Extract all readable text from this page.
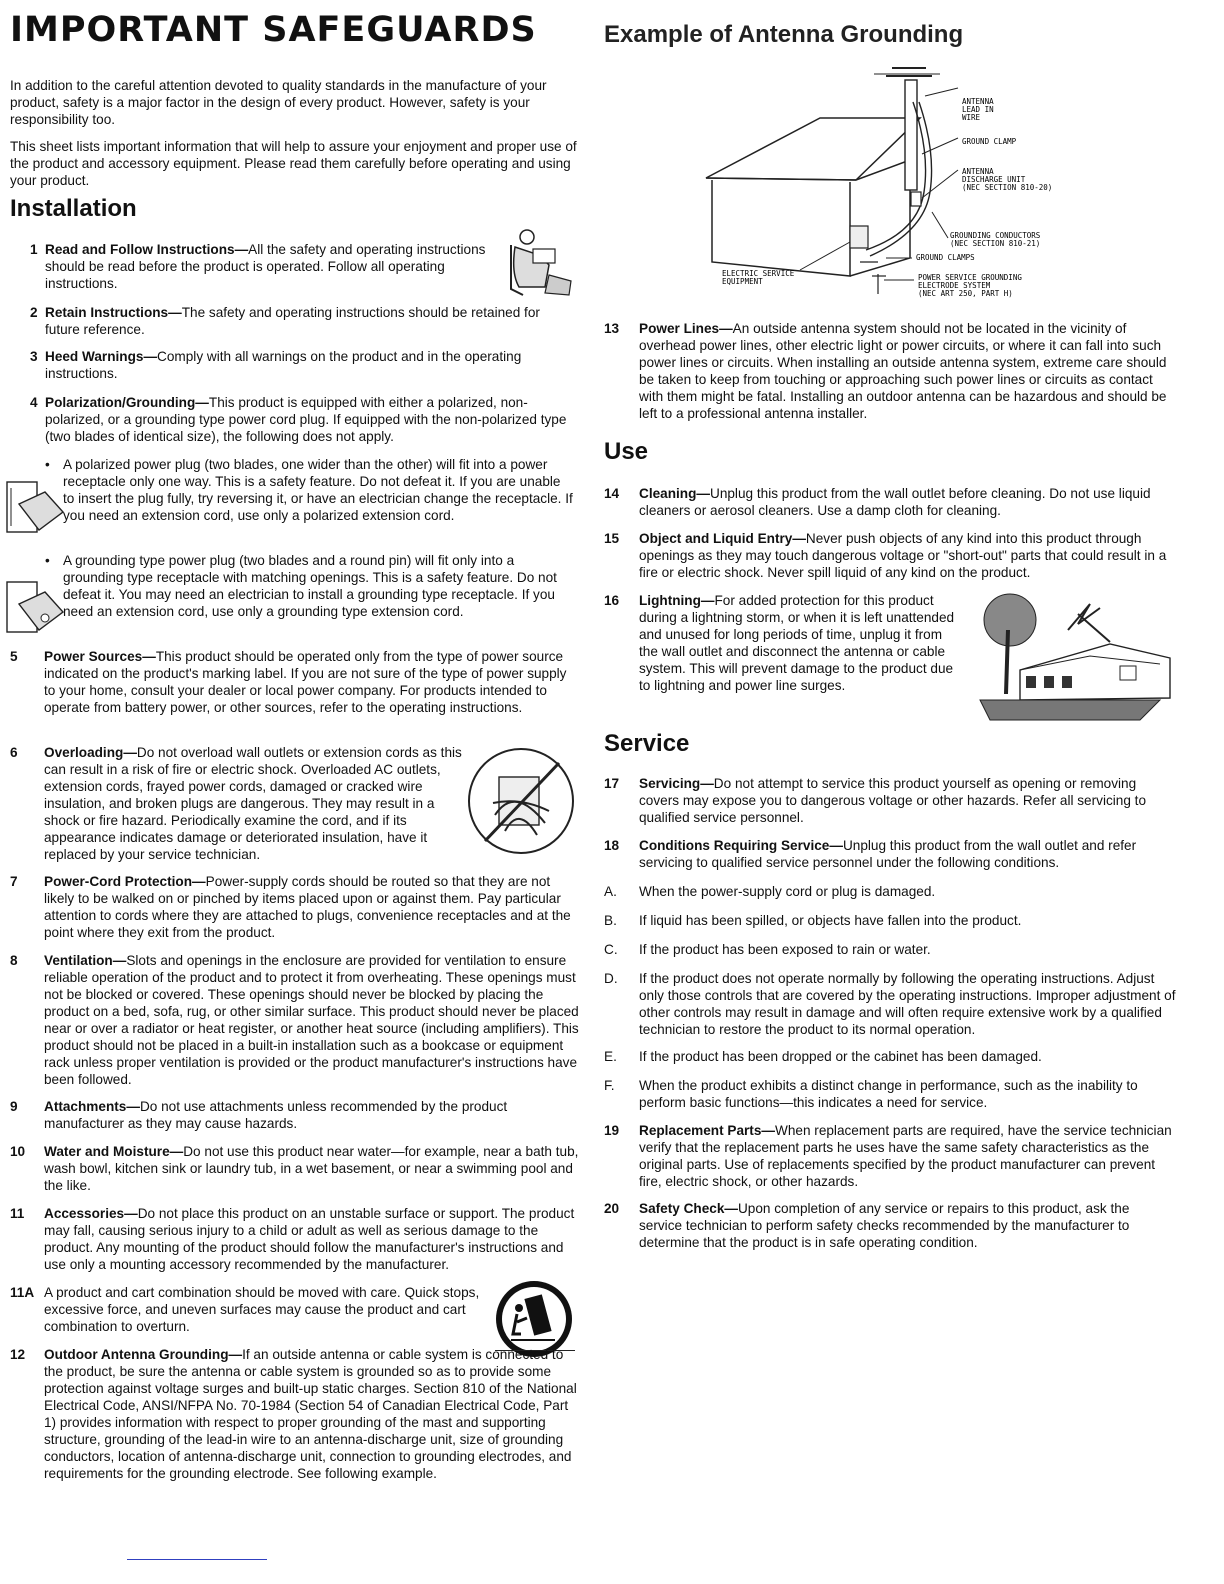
IMPORTANT SAFEGUARDS	Example of Antenna Grounding

In addition to the careful attention devoted to quality standards in the manufacture of your product, safety is a major factor in the design of every product. However, safety is your responsibility too.

This sheet lists important information that will help to assure your enjoyment and proper use of the product and accessory equipment. Please read them carefully before operating and using your product.

Installation
1 Read and Follow Instructions—All the safety and operating instructions should be read before the product is operated. Follow all operating instructions.
2 Retain Instructions—The safety and operating instructions should be retained for future reference.
3 Heed Warnings—Comply with all warnings on the product and in the operating instructions.
4 Polarization/Grounding—This product is equipped with either a polarized, non-polarized, or a grounding type power cord plug. If equipped with the non-polarized type (two blades of identical size), the following does not apply.
• A polarized power plug (two blades, one wider than the other) will fit into a power receptacle only one way. This is a safety feature. Do not defeat it. If you are unable to insert the plug fully, try reversing it, or have an electrician change the receptacle. If you need an extension cord, use only a polarized extension cord.
• A grounding type power plug (two blades and a round pin) will fit only into a grounding type receptacle with matching openings. This is a safety feature. Do not defeat it. You may need an electrician to install a grounding type receptacle. If you need an extension cord, use only a grounding type extension cord.
5 Power Sources—This product should be operated only from the type of power source indicated on the product's marking label. If you are not sure of the type of power supply to your home, consult your dealer or local power company. For products intended to operate from battery power, or other sources, refer to the operating instructions.
6 Overloading—Do not overload wall outlets or extension cords as this can result in a risk of fire or electric shock. Overloaded AC outlets, extension cords, frayed power cords, damaged or cracked wire insulation, and broken plugs are dangerous. They may result in a shock or fire hazard. Periodically examine the cord, and if its appearance indicates damage or deteriorated insulation, have it replaced by your service technician.
7 Power-Cord Protection—Power-supply cords should be routed so that they are not likely to be walked on or pinched by items placed upon or against them. Pay particular attention to cords where they are attached to plugs, convenience receptacles and at the point where they exit from the product.
8 Ventilation—Slots and openings in the enclosure are provided for ventilation to ensure reliable operation of the product and to protect it from overheating. These openings must not be blocked or covered. These openings should never be blocked by placing the product on a bed, sofa, rug, or other similar surface. This product should never be placed near or over a radiator or heat register, or another heat source (including amplifiers). This product should not be placed in a built-in installation such as a bookcase or equipment rack unless proper ventilation is provided or the product manufacturer's instructions have been followed.
9 Attachments—Do not use attachments unless recommended by the product manufacturer as they may cause hazards.
10 Water and Moisture—Do not use this product near water—for example, near a bath tub, wash bowl, kitchen sink or laundry tub, in a wet basement, or near a swimming pool and the like.
11 Accessories—Do not place this product on an unstable surface or support. The product may fall, causing serious injury to a child or adult as well as serious damage to the product. Any mounting of the product should follow the manufacturer's instructions and use only a mounting accessory recommended by the manufacturer.
11A A product and cart combination should be moved with care. Quick stops, excessive force, and uneven surfaces may cause the product and cart combination to overturn.
12 Outdoor Antenna Grounding—If an outside antenna or cable system is connected to the product, be sure the antenna or cable system is grounded so as to provide some protection against voltage surges and built-up static charges. Section 810 of the National Electrical Code, ANSI/NFPA No. 70-1984 (Section 54 of Canadian Electrical Code, Part 1) provides information with respect to proper grounding of the mast and supporting structure, grounding of the lead-in wire to an antenna-discharge unit, size of grounding conductors, location of antenna-discharge unit, connection to grounding electrodes, and requirements for the grounding electrode. See following example.
ANTENNA
LEAD IN
WIRE
GROUND CLAMP
ANTENNA
DISCHARGE UNIT
(NEC SECTION 810-20)
GROUNDING CONDUCTORS
(NEC SECTION 810-21)
GROUND CLAMPS
ELECTRIC SERVICE
EQUIPMENT	POWER SERVICE GROUNDING
ELECTRODE SYSTEM
(NEC ART 250, PART H)
13 Power Lines—An outside antenna system should not be located in the vicinity of overhead power lines, other electric light or power circuits, or where it can fall into such power lines or circuits. When installing an outside antenna system, extreme care should be taken to keep from touching or approaching such power lines or circuits as contact with them might be fatal. Installing an outdoor antenna can be hazardous and should be left to a professional antenna installer.
Use
14 Cleaning—Unplug this product from the wall outlet before cleaning. Do not use liquid cleaners or aerosol cleaners. Use a damp cloth for cleaning.
15 Object and Liquid Entry—Never push objects of any kind into this product through openings as they may touch dangerous voltage or "short-out" parts that could result in a fire or electric shock. Never spill liquid of any kind on the product.
16 Lightning—For added protection for this product during a lightning storm, or when it is left unattended and unused for long periods of time, unplug it from the wall outlet and disconnect the antenna or cable system. This will prevent damage to the product due to lightning and power line surges.
Service
17 Servicing—Do not attempt to service this product yourself as opening or removing covers may expose you to dangerous voltage or other hazards. Refer all servicing to qualified service personnel.
18 Conditions Requiring Service—Unplug this product from the wall outlet and refer servicing to qualified service personnel under the following conditions.
A. When the power-supply cord or plug is damaged.
B. If liquid has been spilled, or objects have fallen into the product.
C. If the product has been exposed to rain or water.
D. If the product does not operate normally by following the operating instructions. Adjust only those controls that are covered by the operating instructions. Improper adjustment of other controls may result in damage and will often require extensive work by a qualified technician to restore the product to its normal operation.
E. If the product has been dropped or the cabinet has been damaged.
F. When the product exhibits a distinct change in performance, such as the inability to perform basic functions—this indicates a need for service.
19 Replacement Parts—When replacement parts are required, have the service technician verify that the replacement parts he uses have the same safety characteristics as the original parts. Use of replacements specified by the product manufacturer can prevent fire, electric shock, or other hazards.
20 Safety Check—Upon completion of any service or repairs to this product, ask the service technician to perform safety checks recommended by the manufacturer to determine that the product is in safe operating condition.
